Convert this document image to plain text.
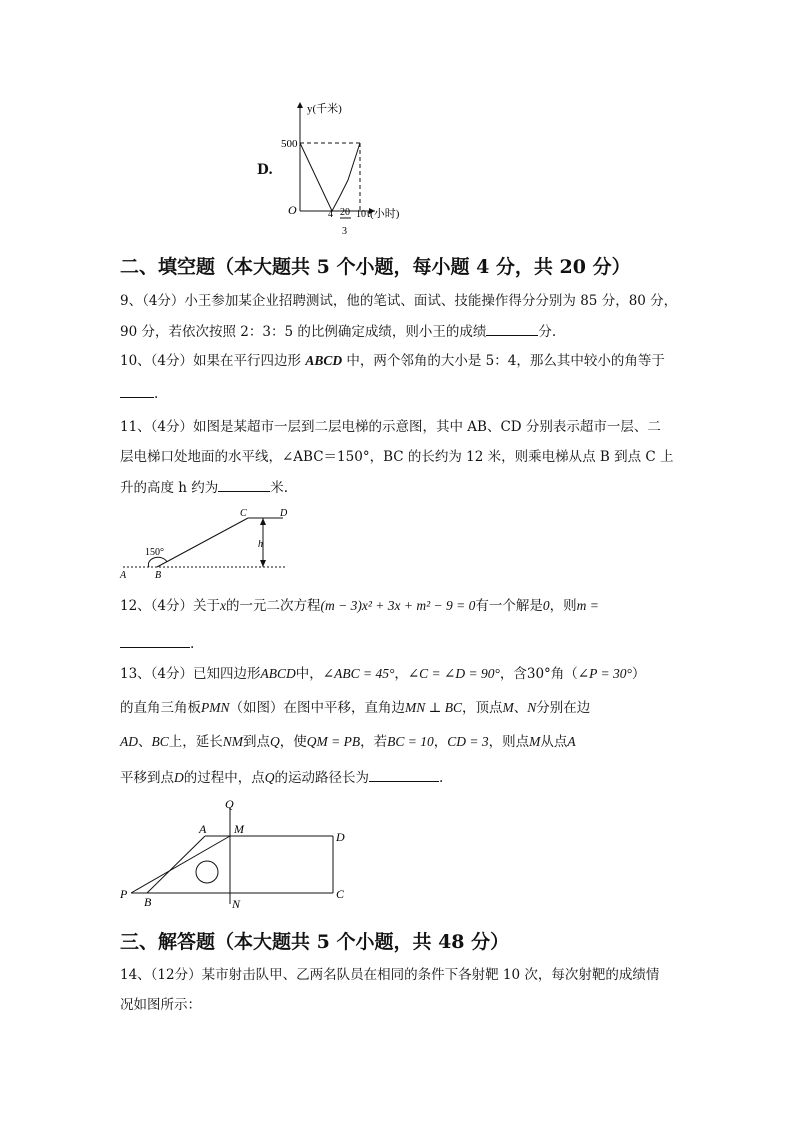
D.
y(千米)
500
O	4 20
3
10 t(小时)
二、填空题（本大题共 5 个小题，每小题 4 分，共 20 分）
9、（4分）小王参加某企业招聘测试，他的笔试、面试、技能操作得分分别为 85 分，80 分，
90 分，若依次按照 2：3：5 的比例确定成绩，则小王的成绩	分.
10、（4分）如果在平行四边形 ABCD 中，两个邻角的大小是 5：4，那么其中较小的角等于
.
11、（4分）如图是某超市一层到二层电梯的示意图，其中 AB、CD 分别表示超市一层、二
层电梯口处地面的水平线，∠ABC＝150°，BC 的长约为 12 米，则乘电梯从点 B 到点 C 上
升的高度 h 约为	米.
150°
A	B
C	D
h
12、（4分）关于x的一元二次方程(m − 3)x² + 3x + m² − 9 = 0有一个解是0，则m =
.
13、（4分）已知四边形ABCD中，∠ABC = 45°，∠C = ∠D = 90°，含30°角（∠P = 30°）
的直角三角板PMN（如图）在图中平移，直角边MN ⊥ BC，顶点M、N分别在边
AD、BC上，延长NM到点Q，使QM = PB，若BC = 10，CD = 3，则点M从点A
平移到点D的过程中，点Q的运动路径长为	.
Q
A M
D
P
B	N
C
三、解答题（本大题共 5 个小题，共 48 分）
14、（12分）某市射击队甲、乙两名队员在相同的条件下各射靶 10 次，每次射靶的成绩情
况如图所示：
